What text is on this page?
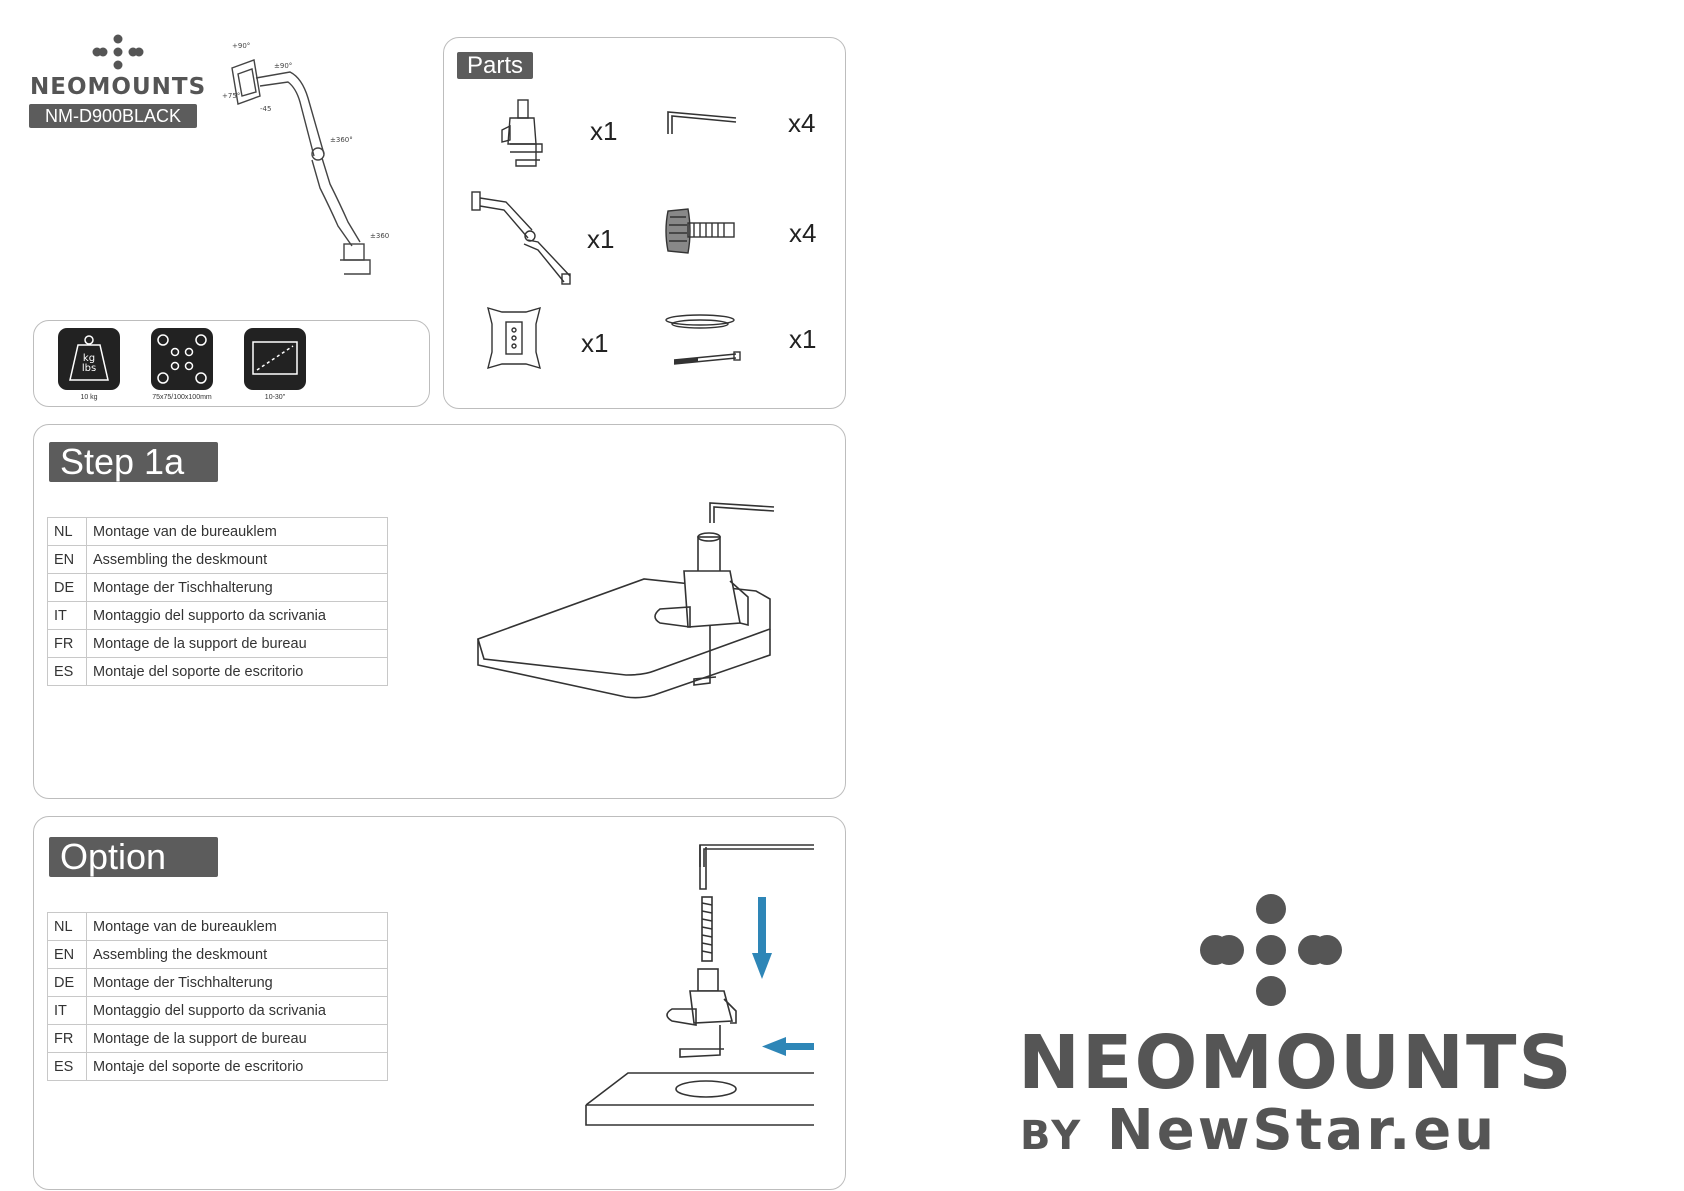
NEOMOUNTS
NM-D900BLACK
+90°
±90°
+75°
-45
±360°
±360
kg
lbs
10 kg	75x75/100x100mm	10-30"
Parts
x1	x4
x1	x4
x1	x1
Step 1a
NL	Montage van de bureauklem
EN	Assembling the deskmount
DE	Montage der Tischhalterung
IT	Montaggio del supporto da scrivania
FR	Montage de la support de bureau
ES	Montaje del soporte de escritorio
Option
NL	Montage van de bureauklem
EN	Assembling the deskmount
DE	Montage der Tischhalterung
IT	Montaggio del supporto da scrivania
FR	Montage de la support de bureau
ES	Montaje del soporte de escritorio	NEOMOUNTS
BY NewStar.eu
